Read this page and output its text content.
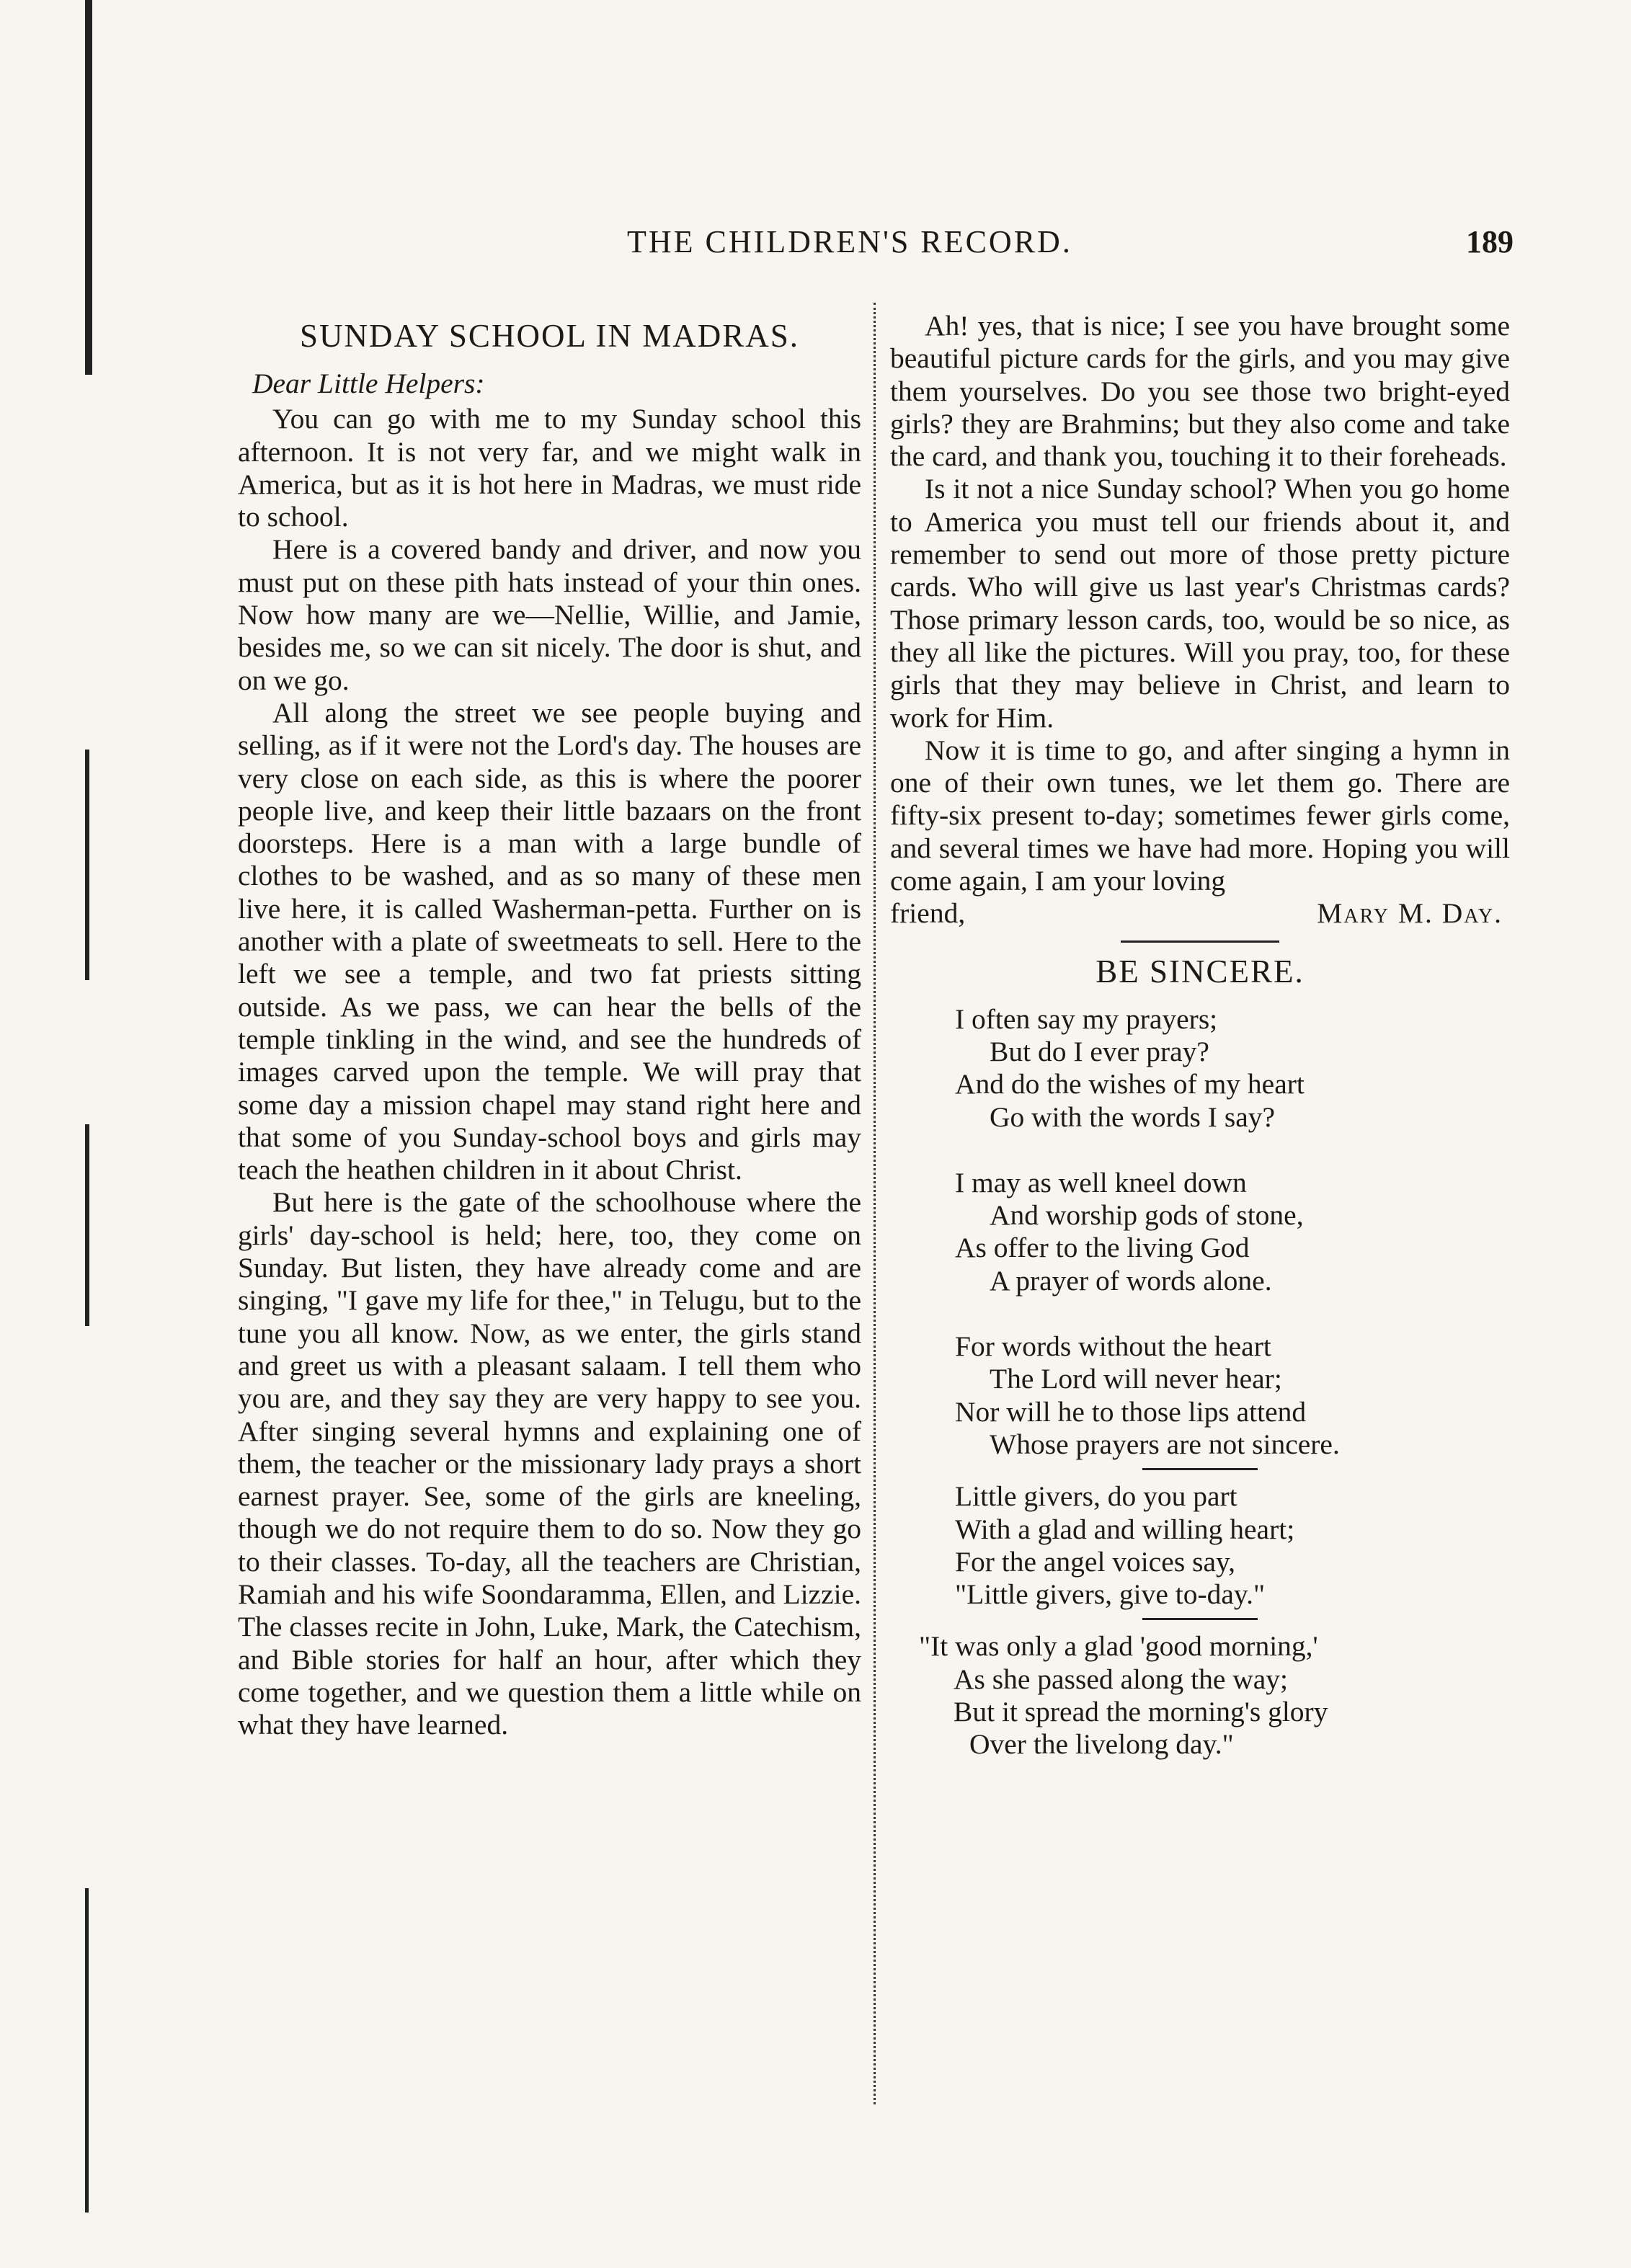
THE CHILDREN'S RECORD.	189
SUNDAY SCHOOL IN MADRAS.
Dear Little Helpers:

You can go with me to my Sunday school this afternoon. It is not very far, and we might walk in America, but as it is hot here in Madras, we must ride to school.

Here is a covered bandy and driver, and now you must put on these pith hats instead of your thin ones. Now how many are we—Nellie, Willie, and Jamie, besides me, so we can sit nicely. The door is shut, and on we go.

All along the street we see people buying and selling, as if it were not the Lord's day. The houses are very close on each side, as this is where the poorer people live, and keep their little bazaars on the front doorsteps. Here is a man with a large bundle of clothes to be washed, and as so many of these men live here, it is called Washerman-petta. Further on is another with a plate of sweetmeats to sell. Here to the left we see a temple, and two fat priests sitting outside. As we pass, we can hear the bells of the temple tinkling in the wind, and see the hundreds of images carved upon the temple. We will pray that some day a mission chapel may stand right here and that some of you Sunday-school boys and girls may teach the heathen children in it about Christ.

But here is the gate of the schoolhouse where the girls' day-school is held; here, too, they come on Sunday. But listen, they have already come and are singing, "I gave my life for thee," in Telugu, but to the tune you all know. Now, as we enter, the girls stand and greet us with a pleasant salaam. I tell them who you are, and they say they are very happy to see you. After singing several hymns and explaining one of them, the teacher or the missionary lady prays a short earnest prayer. See, some of the girls are kneeling, though we do not require them to do so. Now they go to their classes. To-day, all the teachers are Christian, Ramiah and his wife Soondaramma, Ellen, and Lizzie. The classes recite in John, Luke, Mark, the Catechism, and Bible stories for half an hour, after which they come together, and we question them a little while on what they have learned.

Ah! yes, that is nice; I see you have brought some beautiful picture cards for the girls, and you may give them yourselves. Do you see those two bright-eyed girls? they are Brahmins; but they also come and take the card, and thank you, touching it to their foreheads.

Is it not a nice Sunday school? When you go home to America you must tell our friends about it, and remember to send out more of those pretty picture cards. Who will give us last year's Christmas cards? Those primary lesson cards, too, would be so nice, as they all like the pictures. Will you pray, too, for these girls that they may believe in Christ, and learn to work for Him.

Now it is time to go, and after singing a hymn in one of their own tunes, we let them go. There are fifty-six present to-day; sometimes fewer girls come, and several times we have had more. Hoping you will come again, I am your loving

friend,	Mary M. Day.
BE SINCERE.
I often say my prayers;
But do I ever pray?
And do the wishes of my heart
Go with the words I say?
I may as well kneel down
And worship gods of stone,
As offer to the living God
A prayer of words alone.
For words without the heart
The Lord will never hear;
Nor will he to those lips attend
Whose prayers are not sincere.
Little givers, do you part
With a glad and willing heart;
For the angel voices say,
"Little givers, give to-day."
"It was only a glad 'good morning,'
As she passed along the way;
But it spread the morning's glory
Over the livelong day."
